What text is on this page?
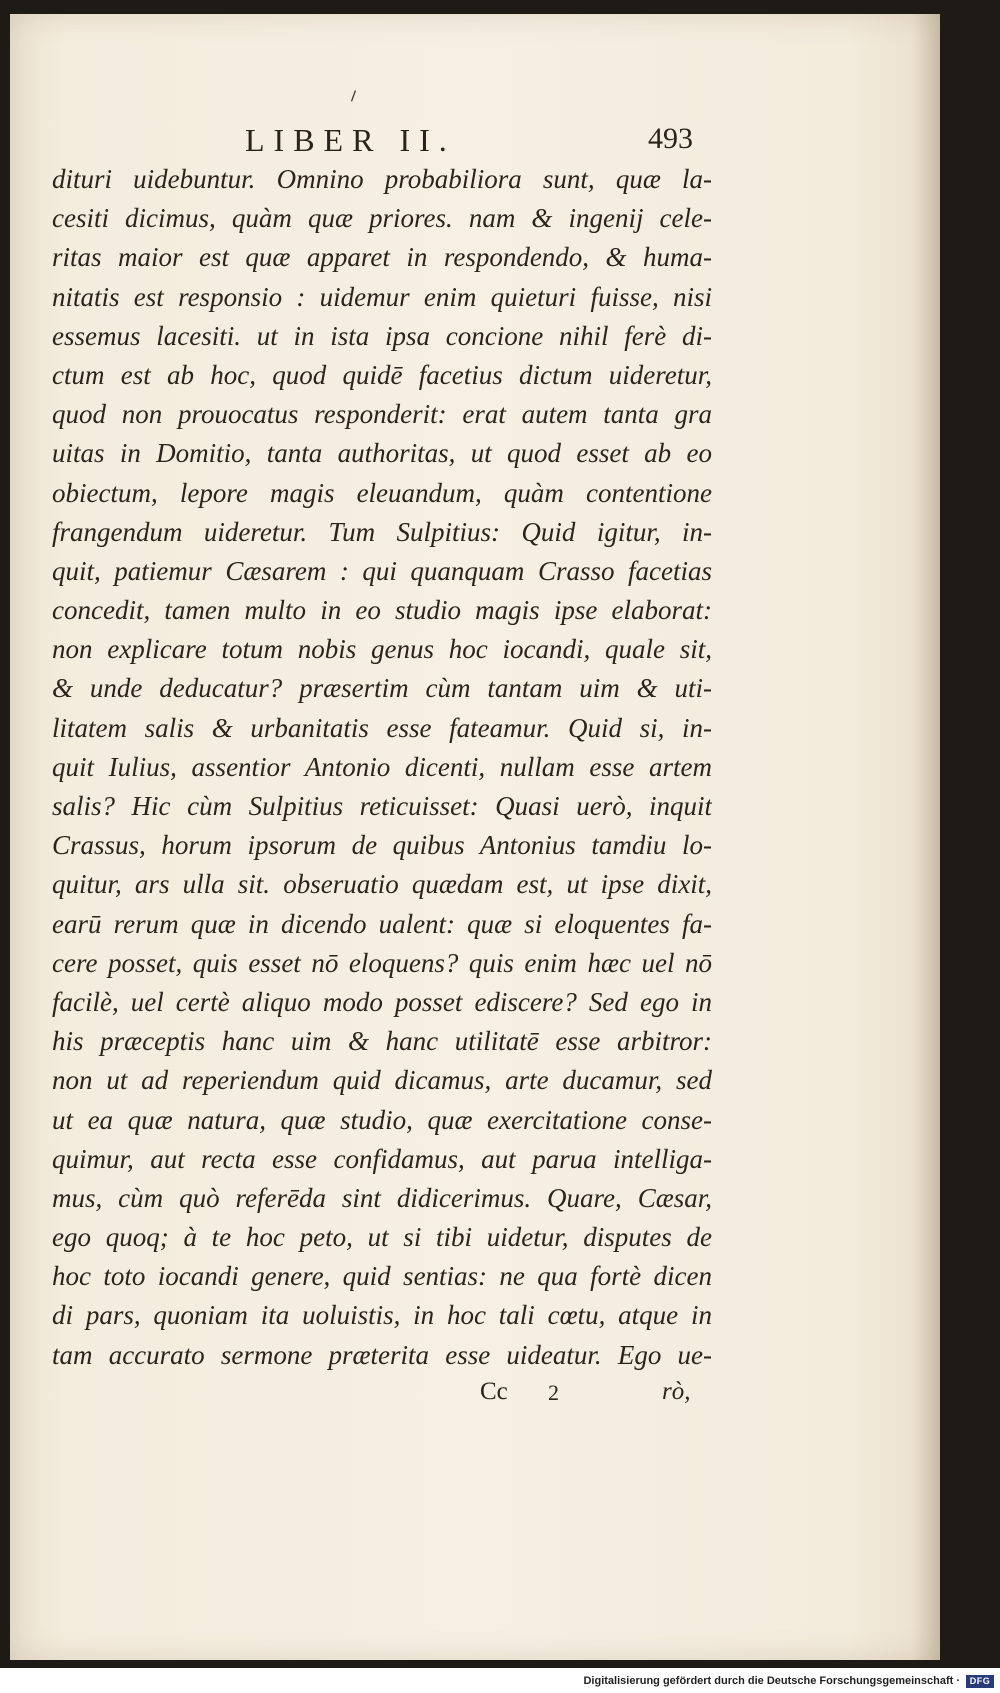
⸝
LIBER II.	493
dituri uidebuntur. Omnino probabiliora sunt, quæ la-
cesiti dicimus, quàm quæ priores. nam & ingenij cele-
ritas maior est quæ apparet in respondendo, & huma-
nitatis est responsio : uidemur enim quieturi fuisse, nisi
essemus lacesiti. ut in ista ipsa concione nihil ferè di-
ctum est ab hoc, quod quidē facetius dictum uideretur,
quod non prouocatus responderit: erat autem tanta gra
uitas in Domitio, tanta authoritas, ut quod esset ab eo
obiectum, lepore magis eleuandum, quàm contentione
frangendum uideretur. Tum Sulpitius: Quid igitur, in-
quit, patiemur Cæsarem : qui quanquam Crasso facetias
concedit, tamen multo in eo studio magis ipse elaborat:
non explicare totum nobis genus hoc iocandi, quale sit,
& unde deducatur? præsertim cùm tantam uim & uti-
litatem salis & urbanitatis esse fateamur. Quid si, in-
quit Iulius, assentior Antonio dicenti, nullam esse artem
salis? Hic cùm Sulpitius reticuisset: Quasi uerò, inquit
Crassus, horum ipsorum de quibus Antonius tamdiu lo-
quitur, ars ulla sit. obseruatio quædam est, ut ipse dixit,
earū rerum quæ in dicendo ualent: quæ si eloquentes fa-
cere posset, quis esset nō eloquens? quis enim hæc uel nō
facilè, uel certè aliquo modo posset ediscere? Sed ego in
his præceptis hanc uim & hanc utilitatē esse arbitror:
non ut ad reperiendum quid dicamus, arte ducamur, sed
ut ea quæ natura, quæ studio, quæ exercitatione conse-
quimur, aut recta esse confidamus, aut parua intelliga-
mus, cùm quò referēda sint didicerimus. Quare, Cæsar,
ego quoq; à te hoc peto, ut si tibi uidetur, disputes de
hoc toto iocandi genere, quid sentias: ne qua fortè dicen
di pars, quoniam ita uoluistis, in hoc tali cœtu, atque in
tam accurato sermone præterita esse uideatur. Ego ue-
Cc 2	rò,
Digitalisierung gefördert durch die Deutsche Forschungsgemeinschaft ·	DFG
